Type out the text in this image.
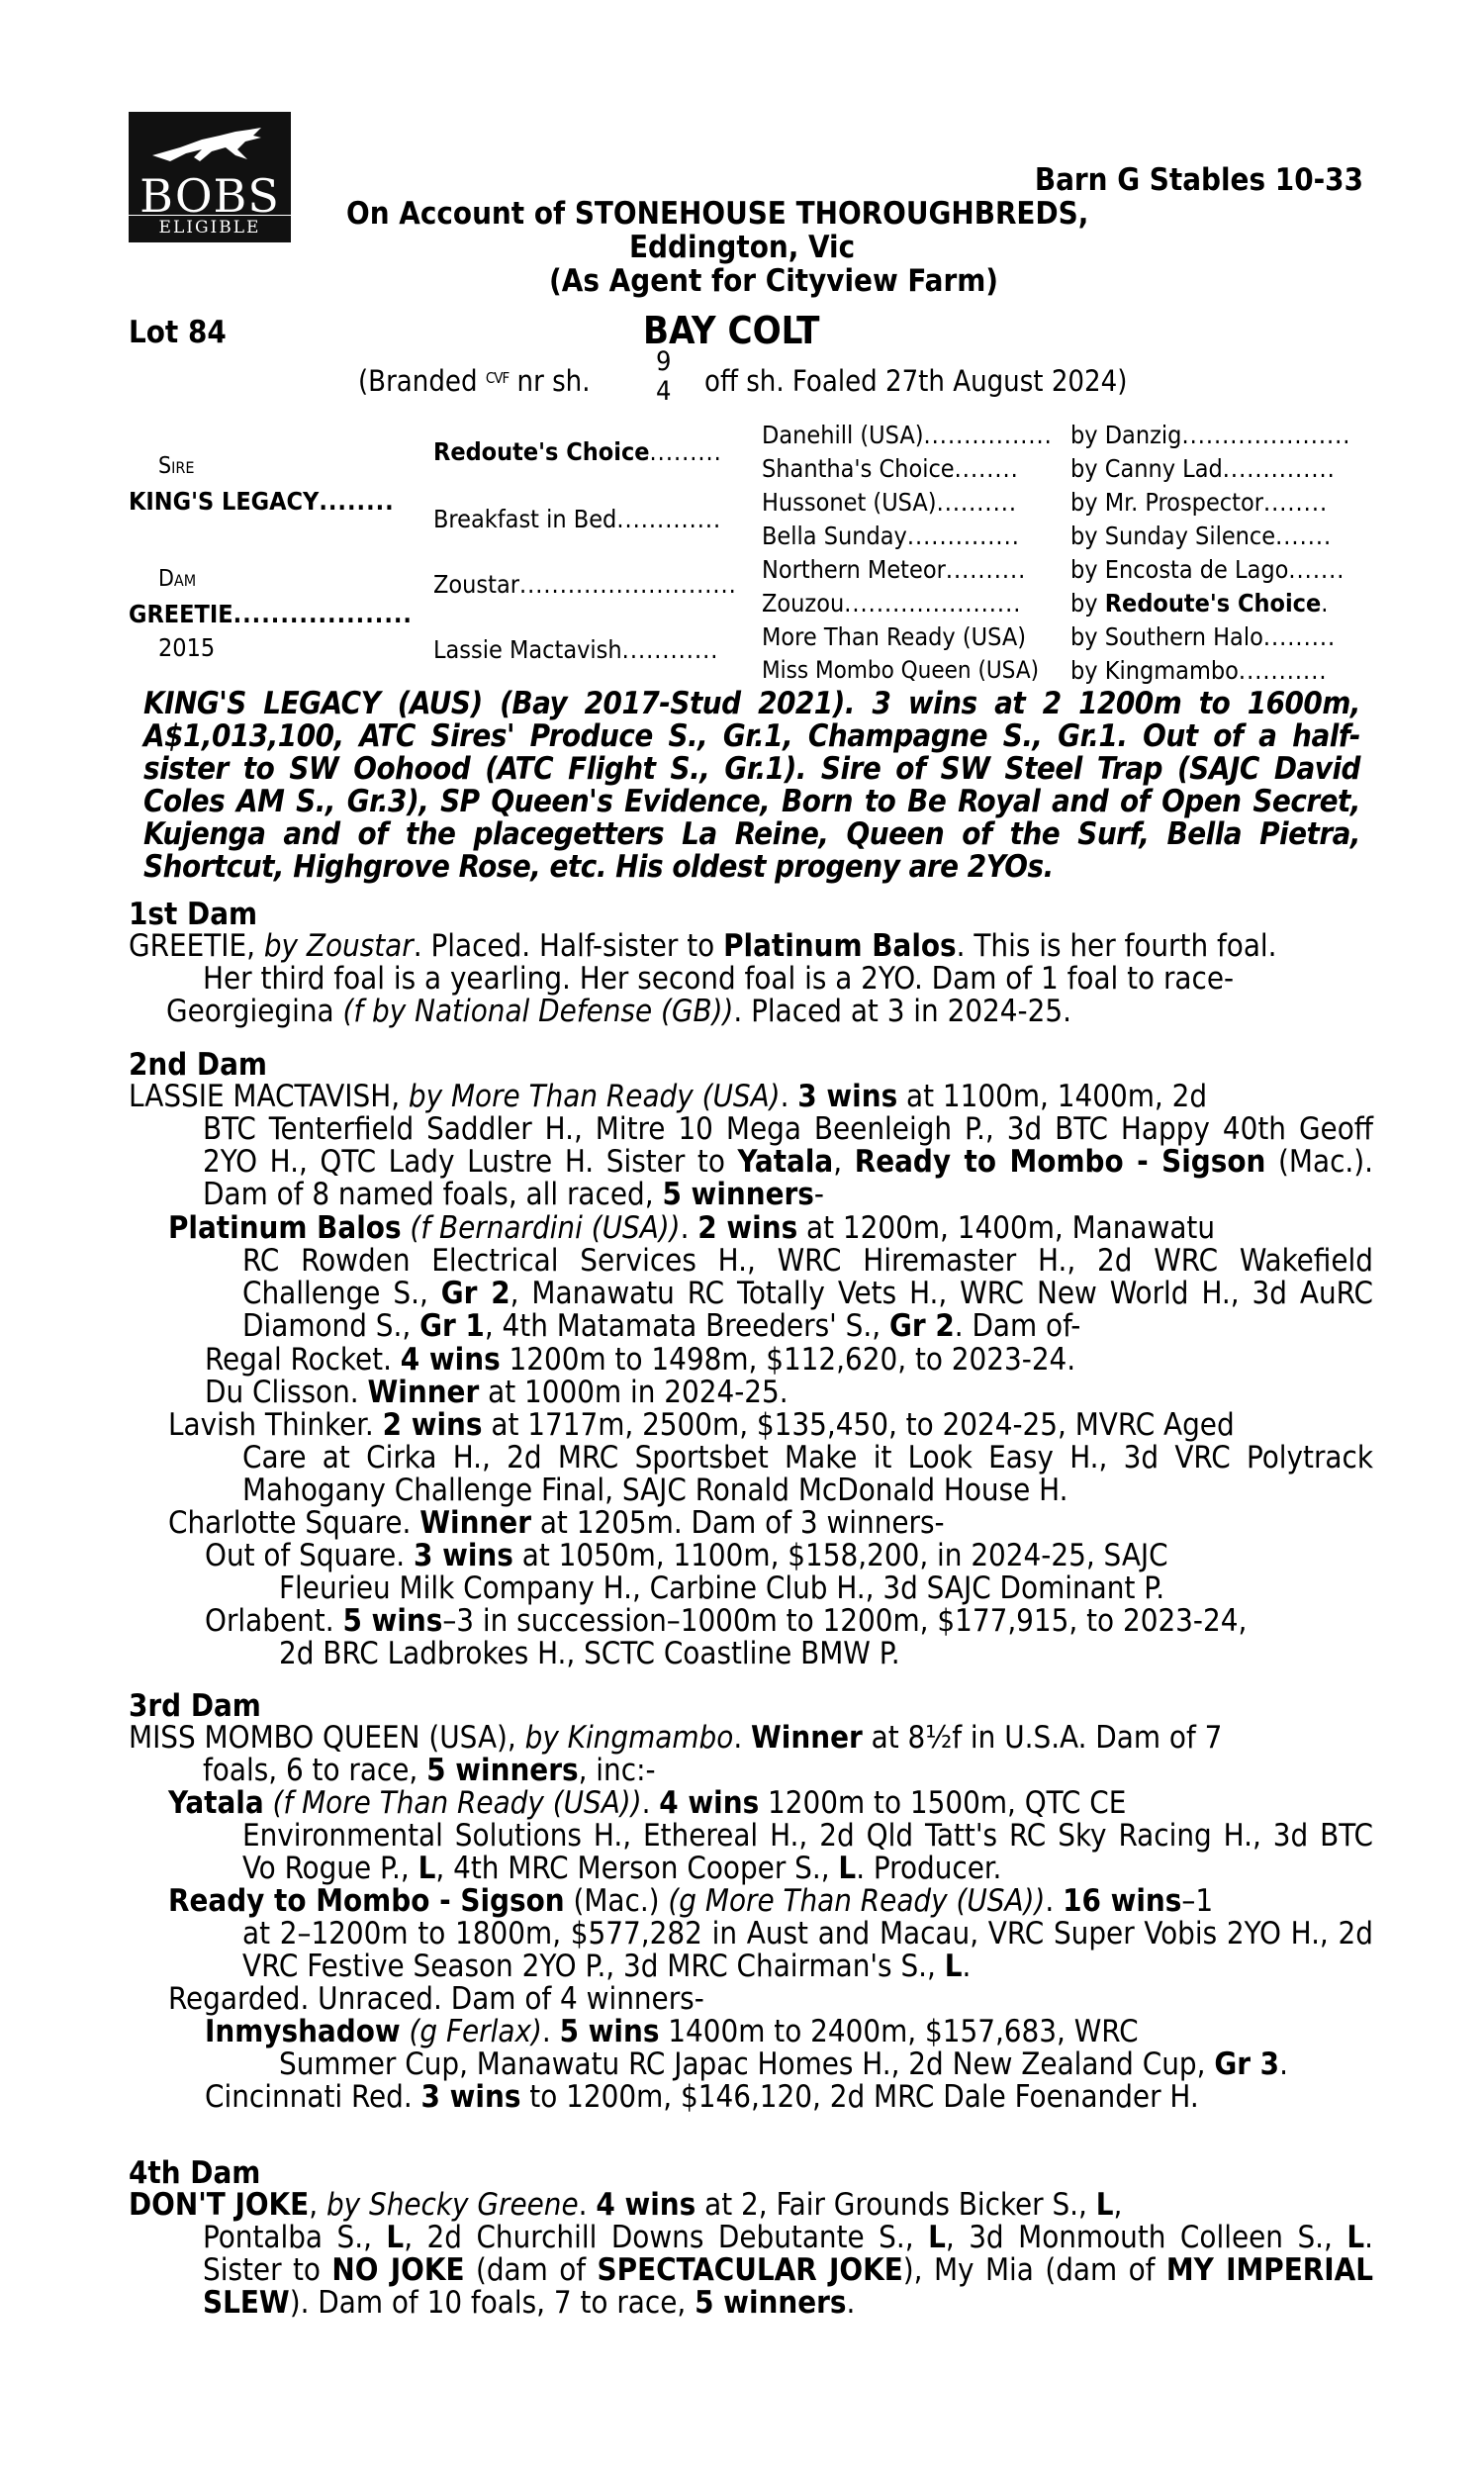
BOBS
ELIGIBLE
Barn G Stables 10-33
On Account of STONEHOUSE THOROUGHBREDS,
Eddington, Vic
(As Agent for Cityview Farm)
Lot 84	BAY COLT
(Branded $^{CVF}$ nr sh.
9
4 off sh. Foaled 27th August 2024)
Sire
KING'S LEGACY........
Dam
GREETIE...................
2015
Redoute's Choice.........
Breakfast in Bed.............
Zoustar...........................
Lassie Mactavish............
Danehill (USA)................ by Danzig.....................
Shantha's Choice........ by Canny Lad..............
Hussonet (USA).......... by Mr. Prospector........
Bella Sunday.............. by Sunday Silence.......
Northern Meteor.......... by Encosta de Lago.......
Zouzou...................... by Redoute's Choice.
More Than Ready (USA) by Southern Halo.........
Miss Mombo Queen (USA) by Kingmambo...........
KING'S LEGACY (AUS) (Bay 2017-Stud 2021). 3 wins at 2 1200m to 1600m, A$1,013,100, ATC Sires' Produce S., Gr.1, Champagne S., Gr.1. Out of a half-sister to SW Oohood (ATC Flight S., Gr.1). Sire of SW Steel Trap (SAJC David Coles AM S., Gr.3), SP Queen's Evidence, Born to Be Royal and of Open Secret, Kujenga and of the placegetters La Reine, Queen of the Surf, Bella Pietra, Shortcut, Highgrove Rose, etc. His oldest progeny are 2YOs.
1st Dam
GREETIE, by Zoustar. Placed. Half-sister to Platinum Balos. This is her fourth foal.
Her third foal is a yearling. Her second foal is a 2YO. Dam of 1 foal to race-
Georgiegina (f by National Defense (GB)). Placed at 3 in 2024-25.
2nd Dam
LASSIE MACTAVISH, by More Than Ready (USA). 3 wins at 1100m, 1400m, 2d
BTC Tenterfield Saddler H., Mitre 10 Mega Beenleigh P., 3d BTC Happy 40th Geoff 2YO H., QTC Lady Lustre H. Sister to Yatala, Ready to Mombo - Sigson (Mac.). Dam of 8 named foals, all raced, 5 winners-
Platinum Balos (f Bernardini (USA)). 2 wins at 1200m, 1400m, Manawatu
RC Rowden Electrical Services H., WRC Hiremaster H., 2d WRC Wakefield Challenge S., Gr 2, Manawatu RC Totally Vets H., WRC New World H., 3d AuRC Diamond S., Gr 1, 4th Matamata Breeders' S., Gr 2. Dam of-
Regal Rocket. 4 wins 1200m to 1498m, $112,620, to 2023-24.
Du Clisson. Winner at 1000m in 2024-25.
Lavish Thinker. 2 wins at 1717m, 2500m, $135,450, to 2024-25, MVRC Aged
Care at Cirka H., 2d MRC Sportsbet Make it Look Easy H., 3d VRC Polytrack Mahogany Challenge Final, SAJC Ronald McDonald House H.
Charlotte Square. Winner at 1205m. Dam of 3 winners-
Out of Square. 3 wins at 1050m, 1100m, $158,200, in 2024-25, SAJC
Fleurieu Milk Company H., Carbine Club H., 3d SAJC Dominant P.
Orlabent. 5 wins–3 in succession–1000m to 1200m, $177,915, to 2023-24,
2d BRC Ladbrokes H., SCTC Coastline BMW P.
3rd Dam
MISS MOMBO QUEEN (USA), by Kingmambo. Winner at 8½f in U.S.A. Dam of 7
foals, 6 to race, 5 winners, inc:-
Yatala (f More Than Ready (USA)). 4 wins 1200m to 1500m, QTC CE
Environmental Solutions H., Ethereal H., 2d Qld Tatt's RC Sky Racing H., 3d BTC Vo Rogue P., L, 4th MRC Merson Cooper S., L. Producer.
Ready to Mombo - Sigson (Mac.) (g More Than Ready (USA)). 16 wins–1
at 2–1200m to 1800m, $577,282 in Aust and Macau, VRC Super Vobis 2YO H., 2d VRC Festive Season 2YO P., 3d MRC Chairman's S., L.
Regarded. Unraced. Dam of 4 winners-
Inmyshadow (g Ferlax). 5 wins 1400m to 2400m, $157,683, WRC
Summer Cup, Manawatu RC Japac Homes H., 2d New Zealand Cup, Gr 3.
Cincinnati Red. 3 wins to 1200m, $146,120, 2d MRC Dale Foenander H.
4th Dam
DON'T JOKE, by Shecky Greene. 4 wins at 2, Fair Grounds Bicker S., L,
Pontalba S., L, 2d Churchill Downs Debutante S., L, 3d Monmouth Colleen S., L. Sister to NO JOKE (dam of SPECTACULAR JOKE), My Mia (dam of MY IMPERIAL SLEW). Dam of 10 foals, 7 to race, 5 winners.
